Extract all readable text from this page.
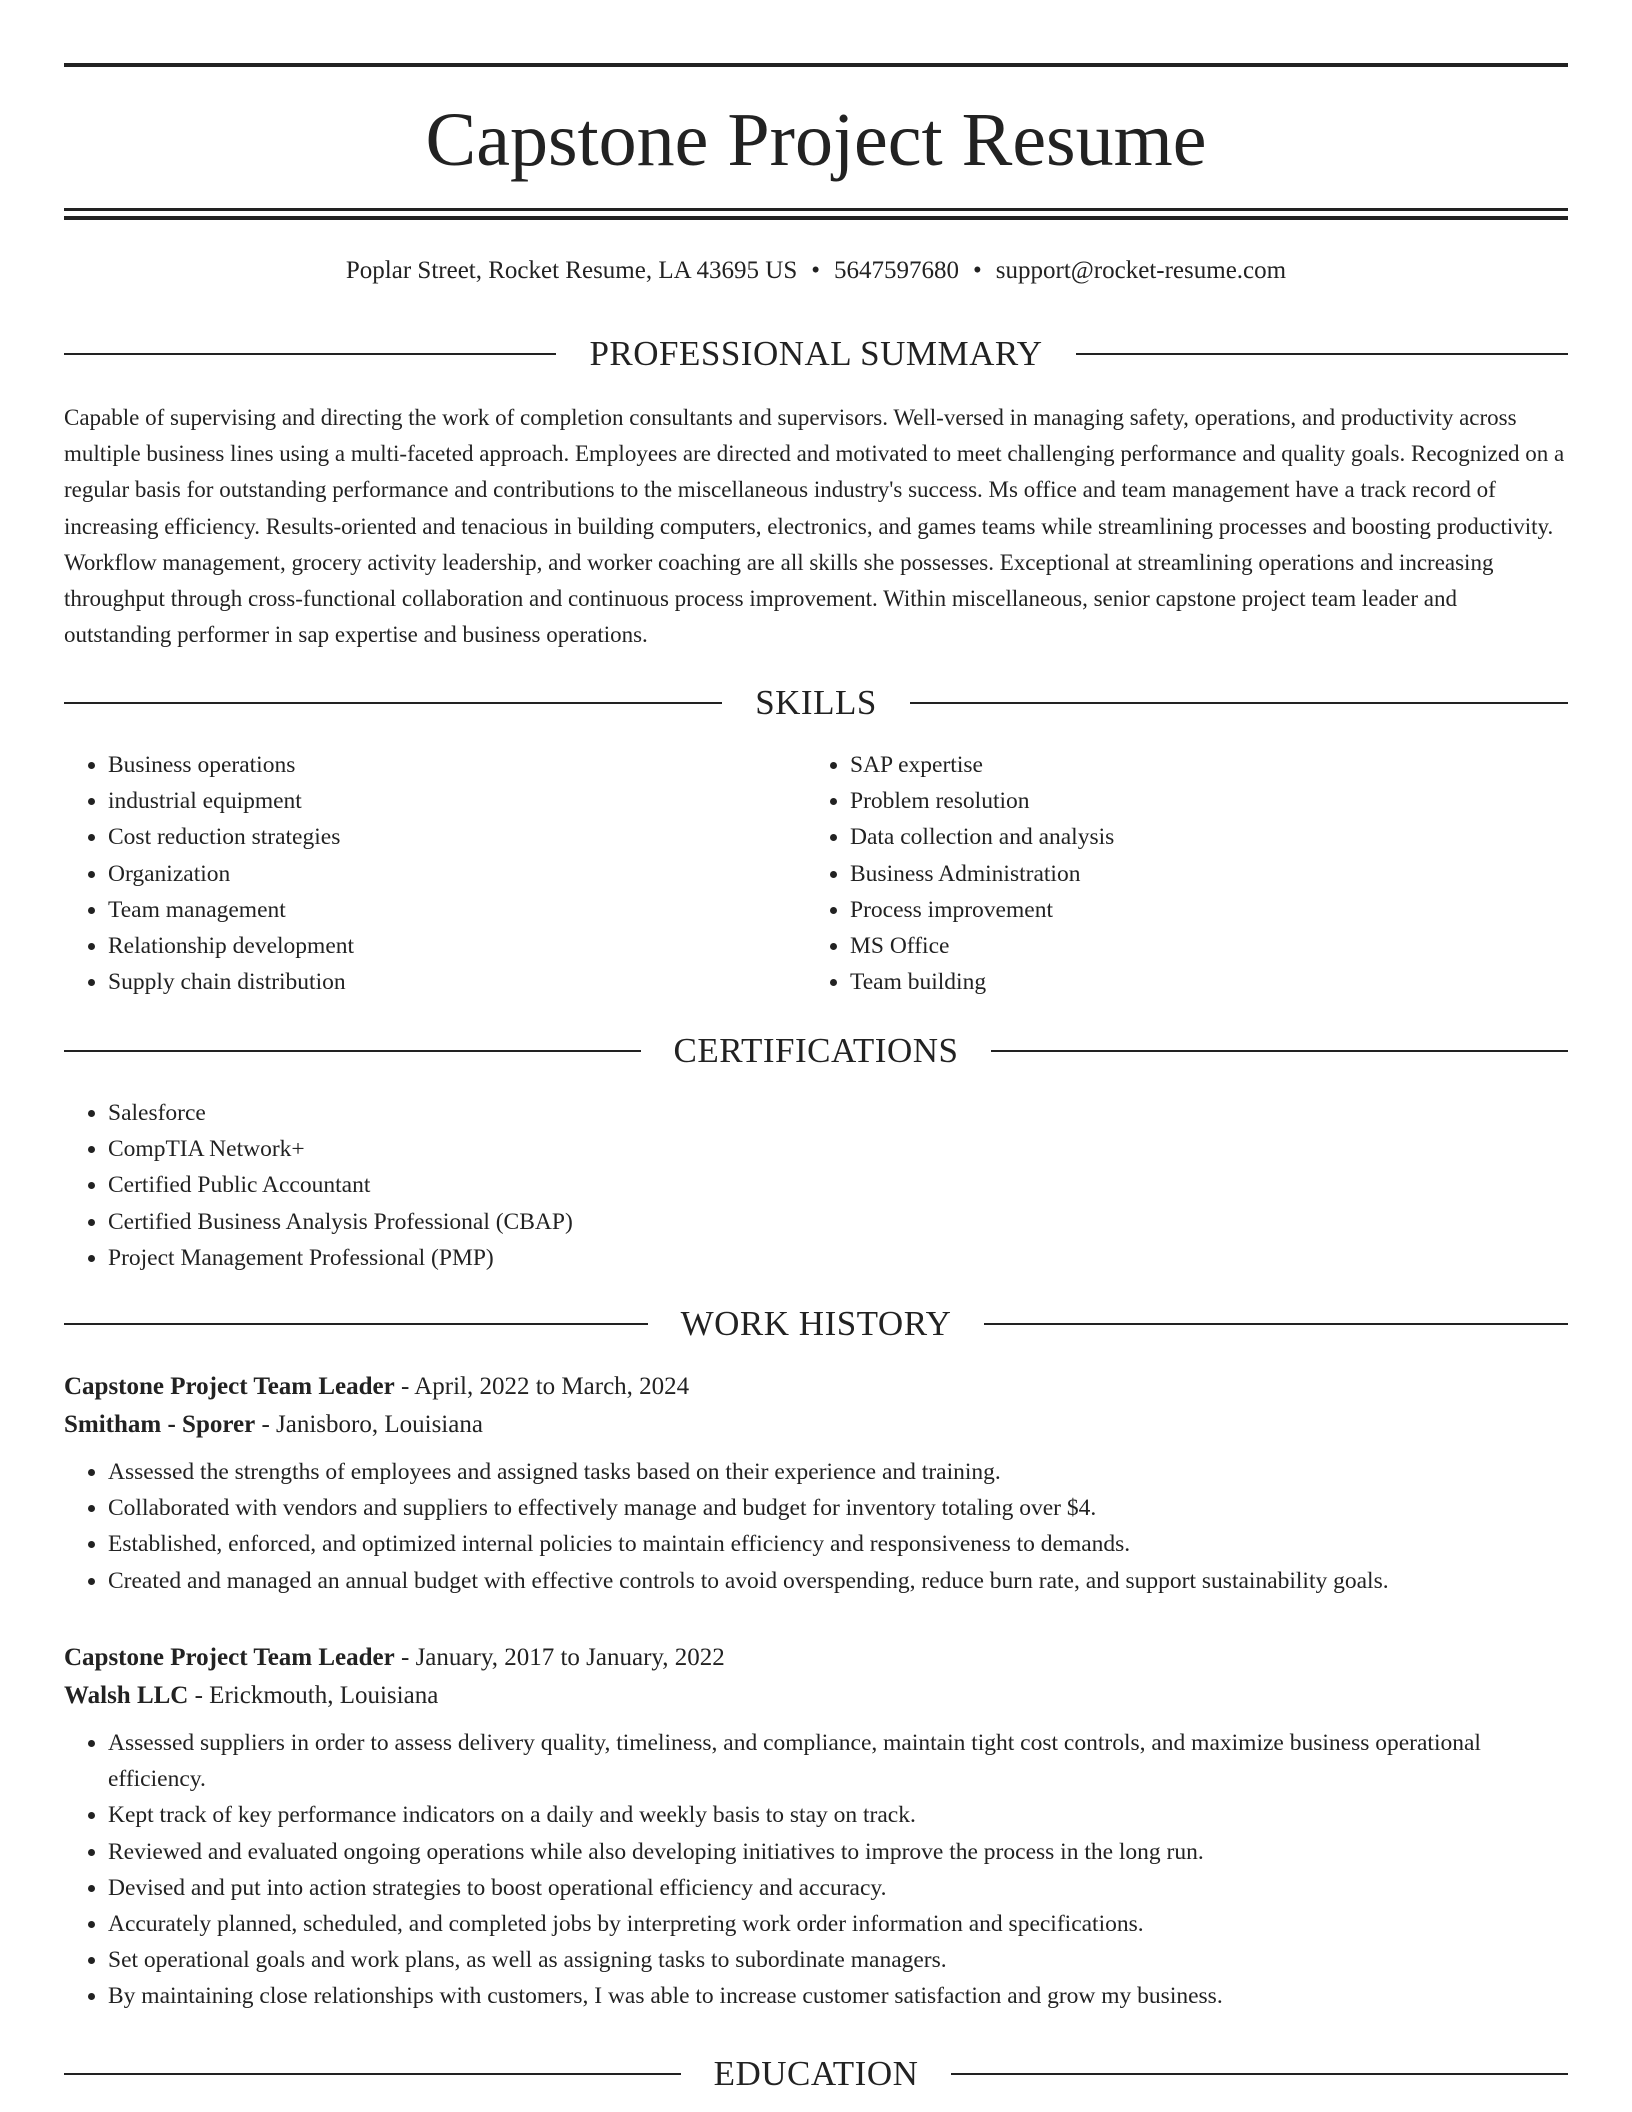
Capstone Project Resume
Poplar Street, Rocket Resume, LA 43695 US • 5647597680 • support@rocket-resume.com
PROFESSIONAL SUMMARY

Capable of supervising and directing the work of completion consultants and supervisors. Well-versed in managing safety, operations, and productivity across multiple business lines using a multi-faceted approach. Employees are directed and motivated to meet challenging performance and quality goals. Recognized on a regular basis for outstanding performance and contributions to the miscellaneous industry's success. Ms office and team management have a track record of increasing efficiency. Results-oriented and tenacious in building computers, electronics, and games teams while streamlining processes and boosting productivity. Workflow management, grocery activity leadership, and worker coaching are all skills she possesses. Exceptional at streamlining operations and increasing throughput through cross-functional collaboration and continuous process improvement. Within miscellaneous, senior capstone project team leader and outstanding performer in sap expertise and business operations.

SKILLS
• Business operations
• industrial equipment
• Cost reduction strategies
• Organization
• Team management
• Relationship development
• Supply chain distribution
• SAP expertise
• Problem resolution
• Data collection and analysis
• Business Administration
• Process improvement
• MS Office
• Team building
CERTIFICATIONS
• Salesforce
• CompTIA Network+
• Certified Public Accountant
• Certified Business Analysis Professional (CBAP)
• Project Management Professional (PMP)
WORK HISTORY
Capstone Project Team Leader - April, 2022 to March, 2024
Smitham - Sporer - Janisboro, Louisiana
• Assessed the strengths of employees and assigned tasks based on their experience and training.
• Collaborated with vendors and suppliers to effectively manage and budget for inventory totaling over $4.
• Established, enforced, and optimized internal policies to maintain efficiency and responsiveness to demands.
• Created and managed an annual budget with effective controls to avoid overspending, reduce burn rate, and support sustainability goals.
Capstone Project Team Leader - January, 2017 to January, 2022
Walsh LLC - Erickmouth, Louisiana
• Assessed suppliers in order to assess delivery quality, timeliness, and compliance, maintain tight cost controls, and maximize business operational efficiency.
• Kept track of key performance indicators on a daily and weekly basis to stay on track.
• Reviewed and evaluated ongoing operations while also developing initiatives to improve the process in the long run.
• Devised and put into action strategies to boost operational efficiency and accuracy.
• Accurately planned, scheduled, and completed jobs by interpreting work order information and specifications.
• Set operational goals and work plans, as well as assigning tasks to subordinate managers.
• By maintaining close relationships with customers, I was able to increase customer satisfaction and grow my business.
EDUCATION
